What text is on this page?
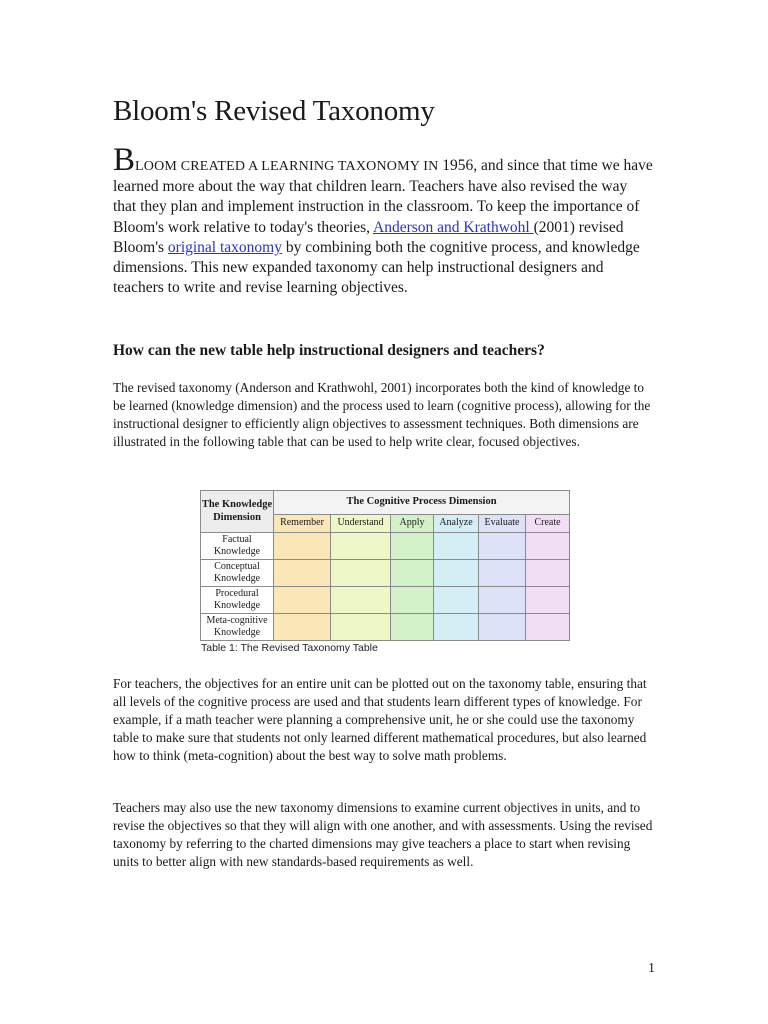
Bloom's Revised Taxonomy

BLOOM CREATED A LEARNING TAXONOMY IN 1956, and since that time we have learned more about the way that children learn. Teachers have also revised the way that they plan and implement instruction in the classroom. To keep the importance of Bloom's work relative to today's theories, Anderson and Krathwohl (2001) revised Bloom's original taxonomy by combining both the cognitive process, and knowledge dimensions. This new expanded taxonomy can help instructional designers and teachers to write and revise learning objectives.

How can the new table help instructional designers and teachers?

The revised taxonomy (Anderson and Krathwohl, 2001) incorporates both the kind of knowledge to be learned (knowledge dimension) and the process used to learn (cognitive process), allowing for the instructional designer to efficiently align objectives to assessment techniques. Both dimensions are illustrated in the following table that can be used to help write clear, focused objectives.

The Knowledge Dimension	The Cognitive Process Dimension					
	Remember	Understand	Apply	Analyze	Evaluate	Create
Factual Knowledge						
Conceptual Knowledge						
Procedural Knowledge						
Meta-cognitive Knowledge						
Table 1: The Revised Taxonomy Table

For teachers, the objectives for an entire unit can be plotted out on the taxonomy table, ensuring that all levels of the cognitive process are used and that students learn different types of knowledge. For example, if a math teacher were planning a comprehensive unit, he or she could use the taxonomy table to make sure that students not only learned different mathematical procedures, but also learned how to think (meta-cognition) about the best way to solve math problems.

Teachers may also use the new taxonomy dimensions to examine current objectives in units, and to revise the objectives so that they will align with one another, and with assessments. Using the revised taxonomy by referring to the charted dimensions may give teachers a place to start when revising units to better align with new standards-based requirements as well.

1
